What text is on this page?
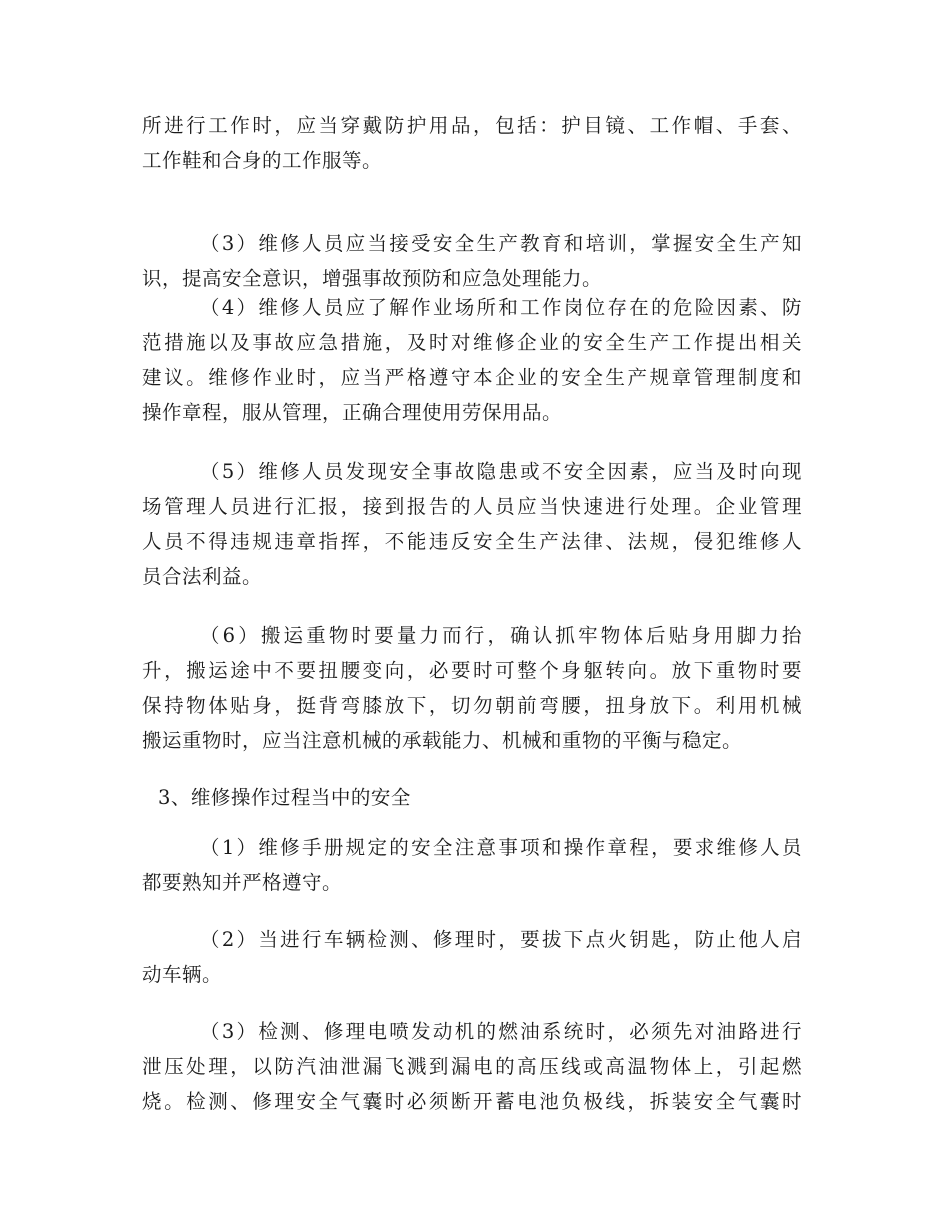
所进行工作时，应当穿戴防护用品，包括：护目镜、工作帽、手套、
工作鞋和合身的工作服等。
（3）维修人员应当接受安全生产教育和培训，掌握安全生产知
识，提高安全意识，增强事故预防和应急处理能力。
（4）维修人员应了解作业场所和工作岗位存在的危险因素、防
范措施以及事故应急措施，及时对维修企业的安全生产工作提出相关
建议。维修作业时，应当严格遵守本企业的安全生产规章管理制度和
操作章程，服从管理，正确合理使用劳保用品。
（5）维修人员发现安全事故隐患或不安全因素，应当及时向现
场管理人员进行汇报，接到报告的人员应当快速进行处理。企业管理
人员不得违规违章指挥，不能违反安全生产法律、法规，侵犯维修人
员合法利益。
（6）搬运重物时要量力而行，确认抓牢物体后贴身用脚力抬
升，搬运途中不要扭腰变向，必要时可整个身躯转向。放下重物时要
保持物体贴身，挺背弯膝放下，切勿朝前弯腰，扭身放下。利用机械
搬运重物时，应当注意机械的承载能力、机械和重物的平衡与稳定。
3、维修操作过程当中的安全
（1）维修手册规定的安全注意事项和操作章程，要求维修人员
都要熟知并严格遵守。
（2）当进行车辆检测、修理时，要拔下点火钥匙，防止他人启
动车辆。
（3）检测、修理电喷发动机的燃油系统时，必须先对油路进行
泄压处理，以防汽油泄漏飞溅到漏电的高压线或高温物体上，引起燃
烧。检测、修理安全气囊时必须断开蓄电池负极线，拆装安全气囊时
